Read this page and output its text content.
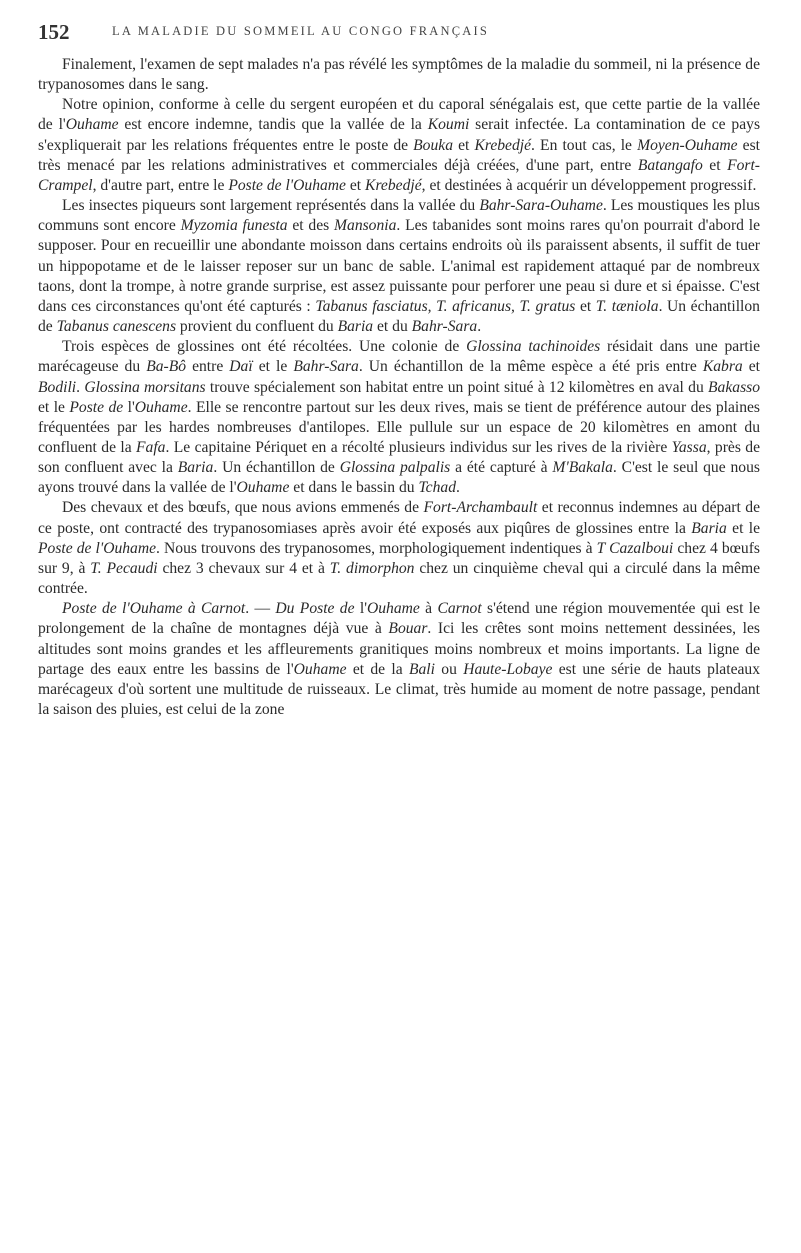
152	LA MALADIE DU SOMMEIL AU CONGO FRANÇAIS

Finalement, l'examen de sept malades n'a pas révélé les symptômes de la maladie du sommeil, ni la présence de trypanosomes dans le sang.

Notre opinion, conforme à celle du sergent européen et du caporal sénégalais est, que cette partie de la vallée de l'Ouhame est encore indemne, tandis que la vallée de la Koumi serait infectée. La contamination de ce pays s'expliquerait par les relations fréquentes entre le poste de Bouka et Krebedjé. En tout cas, le Moyen-Ouhame est très menacé par les relations administratives et commerciales déjà créées, d'une part, entre Batangafo et Fort-Crampel, d'autre part, entre le Poste de l'Ouhame et Krebedjé, et destinées à acquérir un développement progressif.

Les insectes piqueurs sont largement représentés dans la vallée du Bahr-Sara-Ouhame. Les moustiques les plus communs sont encore Myzomia funesta et des Mansonia. Les tabanides sont moins rares qu'on pourrait d'abord le supposer. Pour en recueillir une abondante moisson dans certains endroits où ils paraissent absents, il suffit de tuer un hippopotame et de le laisser reposer sur un banc de sable. L'animal est rapidement attaqué par de nombreux taons, dont la trompe, à notre grande surprise, est assez puissante pour perforer une peau si dure et si épaisse. C'est dans ces circonstances qu'ont été capturés : Tabanus fasciatus, T. africanus, T. gratus et T. tæniola. Un échantillon de Tabanus canescens provient du confluent du Baria et du Bahr-Sara.

Trois espèces de glossines ont été récoltées. Une colonie de Glossina tachinoides résidait dans une partie marécageuse du Ba-Bô entre Daï et le Bahr-Sara. Un échantillon de la même espèce a été pris entre Kabra et Bodili. Glossina morsitans trouve spécialement son habitat entre un point situé à 12 kilomètres en aval du Bakasso et le Poste de l'Ouhame. Elle se rencontre partout sur les deux rives, mais se tient de préférence autour des plaines fréquentées par les hardes nombreuses d'antilopes. Elle pullule sur un espace de 20 kilomètres en amont du confluent de la Fafa. Le capitaine Périquet en a récolté plusieurs individus sur les rives de la rivière Yassa, près de son confluent avec la Baria. Un échantillon de Glossina palpalis a été capturé à M'Bakala. C'est le seul que nous ayons trouvé dans la vallée de l'Ouhame et dans le bassin du Tchad.

Des chevaux et des bœufs, que nous avions emmenés de Fort-Archambault et reconnus indemnes au départ de ce poste, ont contracté des trypanosomiases après avoir été exposés aux piqûres de glossines entre la Baria et le Poste de l'Ouhame. Nous trouvons des trypanosomes, morphologiquement indentiques à T Cazalboui chez 4 bœufs sur 9, à T. Pecaudi chez 3 chevaux sur 4 et à T. dimorphon chez un cinquième cheval qui a circulé dans la même contrée.

Poste de l'Ouhame à Carnot. — Du Poste de l'Ouhame à Carnot s'étend une région mouvementée qui est le prolongement de la chaîne de montagnes déjà vue à Bouar. Ici les crêtes sont moins nettement dessinées, les altitudes sont moins grandes et les affleurements granitiques moins nombreux et moins importants. La ligne de partage des eaux entre les bassins de l'Ouhame et de la Bali ou Haute-Lobaye est une série de hauts plateaux marécageux d'où sortent une multitude de ruisseaux. Le climat, très humide au moment de notre passage, pendant la saison des pluies, est celui de la zone
